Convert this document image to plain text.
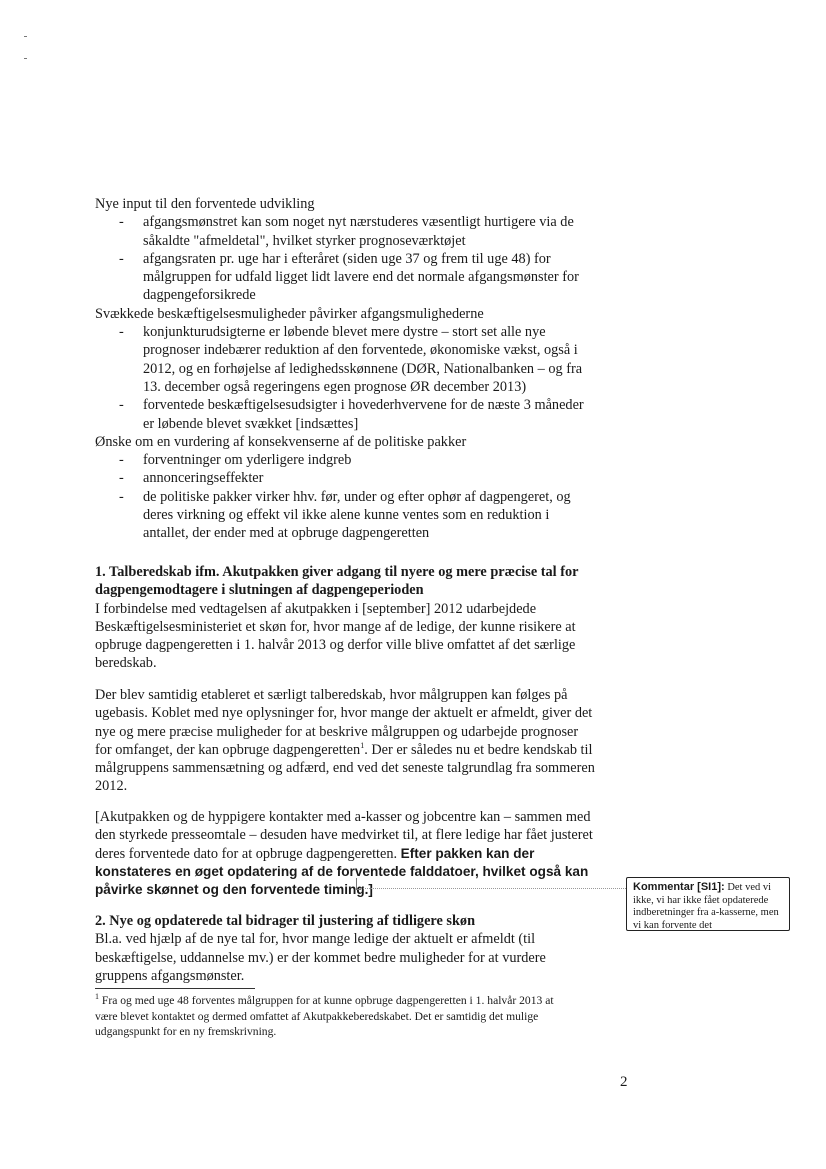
Nye input til den forventede udvikling

- afgangsmønstret kan som noget nyt nærstuderes væsentligt hurtigere via de såkaldte "afmeldetal", hvilket styrker prognoseværktøjet
- afgangsraten pr. uge har i efteråret (siden uge 37 og frem til uge 48) for målgruppen for udfald ligget lidt lavere end det normale afgangsmønster for dagpengeforsikrede

Svækkede beskæftigelsesmuligheder påvirker afgangsmulighederne

- konjunkturudsigterne er løbende blevet mere dystre – stort set alle nye prognoser indebærer reduktion af den forventede, økonomiske vækst, også i 2012, og en forhøjelse af ledighedsskønnene (DØR, Nationalbanken – og fra 13. december også regeringens egen prognose ØR december 2013)
- forventede beskæftigelsesudsigter i hovederhvervene for de næste 3 måneder er løbende blevet svækket [indsættes]

Ønske om en vurdering af konsekvenserne af de politiske pakker

- forventninger om yderligere indgreb
- annonceringseffekter
- de politiske pakker virker hhv. før, under og efter ophør af dagpengeret, og deres virkning og effekt vil ikke alene kunne ventes som en reduktion i antallet, der ender med at opbruge dagpengeretten

1. Talberedskab ifm. Akutpakken giver adgang til nyere og mere præcise tal for dagpengemodtagere i slutningen af dagpengeperioden

I forbindelse med vedtagelsen af akutpakken i [september] 2012 udarbejdede Beskæftigelsesministeriet et skøn for, hvor mange af de ledige, der kunne risikere at opbruge dagpengeretten i 1. halvår 2013 og derfor ville blive omfattet af det særlige beredskab.

Der blev samtidig etableret et særligt talberedskab, hvor målgruppen kan følges på ugebasis. Koblet med nye oplysninger for, hvor mange der aktuelt er afmeldt, giver det nye og mere præcise muligheder for at beskrive målgruppen og udarbejde prognoser for omfanget, der kan opbruge dagpengeretten$^1$. Der er således nu et bedre kendskab til målgruppens sammensætning og adfærd, end ved det seneste talgrundlag fra sommeren 2012.

[Akutpakken og de hyppigere kontakter med a-kasser og jobcentre kan – sammen med den styrkede presseomtale – desuden have medvirket til, at flere ledige har fået justeret deres forventede dato for at opbruge dagpengeretten. Efter pakken kan der konstateres en øget opdatering af de forventede falddatoer, hvilket også kan påvirke skønnet og den forventede timing.]	Kommentar [SI1]: Det ved vi ikke, vi har ikke fået opdaterede indberetninger fra a-kasserne, men vi kan forvente det

2. Nye og opdaterede tal bidrager til justering af tidligere skøn

Bl.a. ved hjælp af de nye tal for, hvor mange ledige der aktuelt er afmeldt (til beskæftigelse, uddannelse mv.) er der kommet bedre muligheder for at vurdere gruppens afgangsmønster.

$^1$ Fra og med uge 48 forventes målgruppen for at kunne opbruge dagpengeretten i 1. halvår 2013 at være blevet kontaktet og dermed omfattet af Akutpakkeberedskabet. Det er samtidig det mulige udgangspunkt for en ny fremskrivning.
2
